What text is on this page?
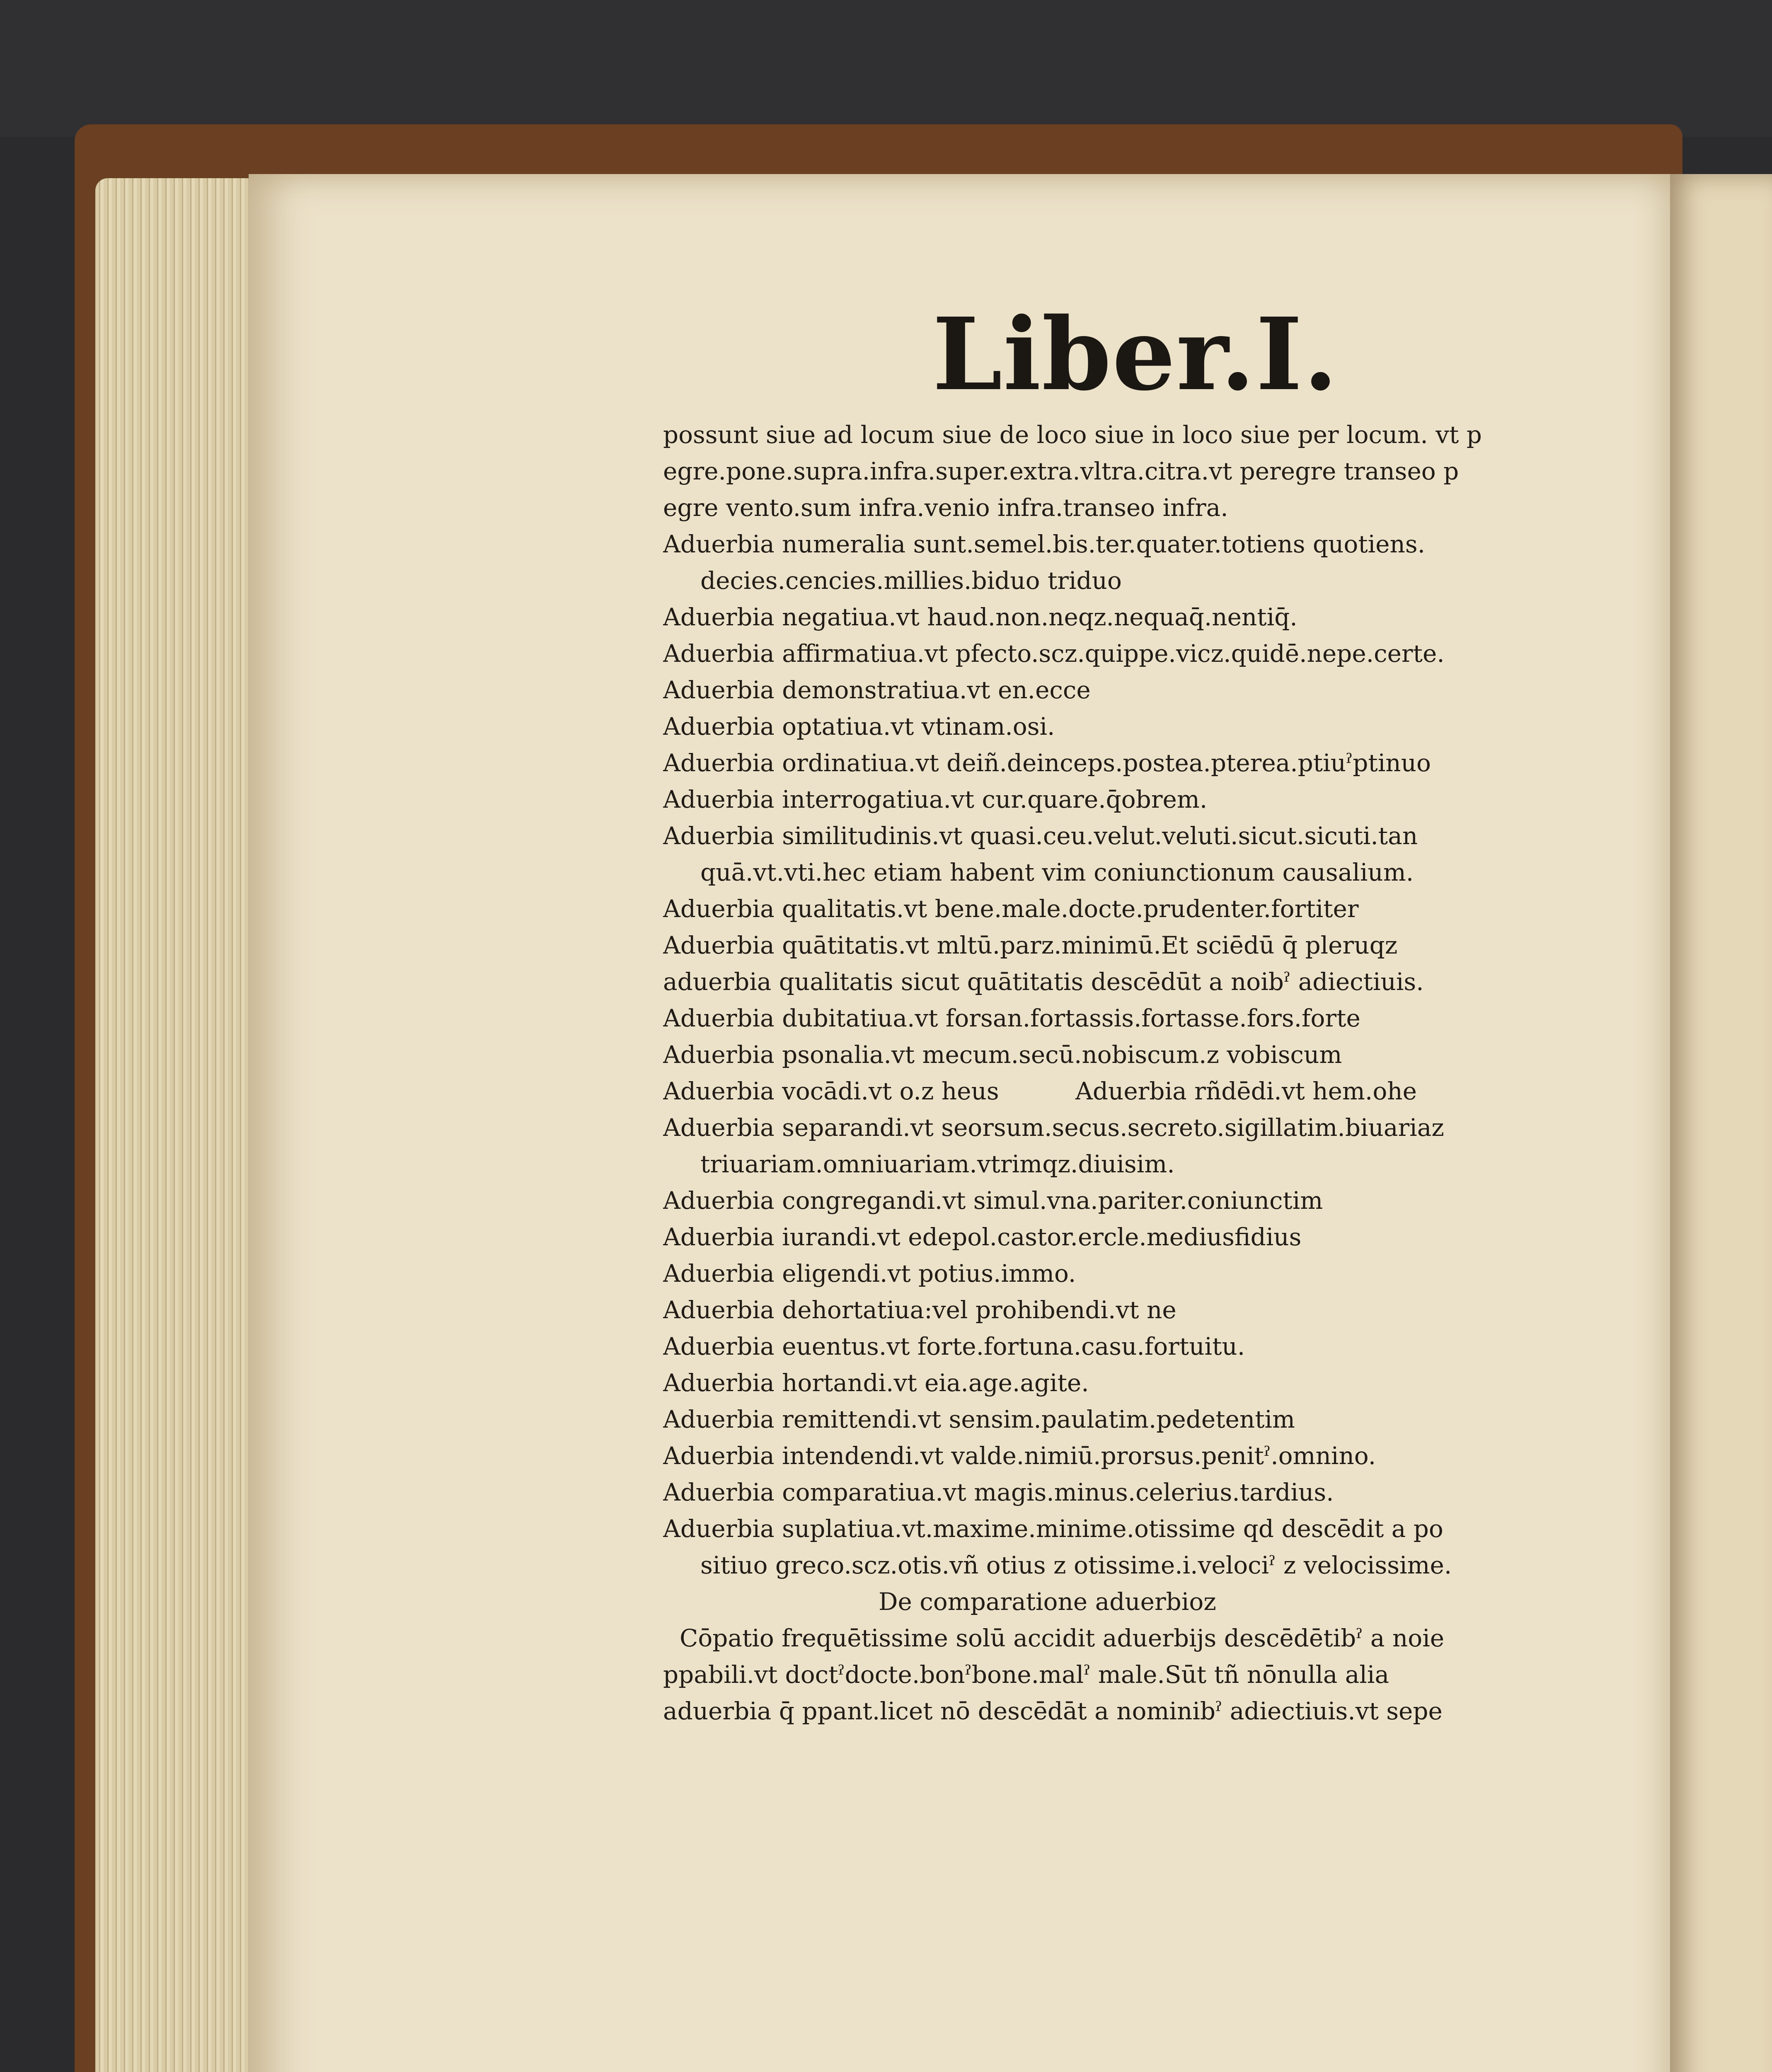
Liber.I.
possunt siue ad locum siue de loco siue in loco siue per locum. vt p
egre.pone.supra.infra.super.extra.vltra.citra.vt peregre transeo p
egre vento.sum infra.venio infra.transeo infra.
Aduerbia numeralia sunt.semel.bis.ter.quater.totiens quotiens.
decies.cencies.millies.biduo triduo
Aduerbia negatiua.vt haud.non.neqz.nequaq̄.nentiq̄.
Aduerbia affirmatiua.vt pfecto.scz.quippe.vicz.quidē.nepe.certe.
Aduerbia demonstratiua.vt en.ecce
Aduerbia optatiua.vt vtinam.osi.
Aduerbia ordinatiua.vt deiñ.deinceps.postea.pterea.ptiuˀptinuo
Aduerbia interrogatiua.vt cur.quare.q̄obrem.
Aduerbia similitudinis.vt quasi.ceu.velut.veluti.sicut.sicuti.tan
quā.vt.vti.hec etiam habent vim coniunctionum causalium.
Aduerbia qualitatis.vt bene.male.docte.prudenter.fortiter
Aduerbia quātitatis.vt mltū.parz.minimū.Et sciēdū q̄ pleruqz
aduerbia qualitatis sicut quātitatis descēdūt a noibˀ adiectiuis.
Aduerbia dubitatiua.vt forsan.fortassis.fortasse.fors.forte
Aduerbia psonalia.vt mecum.secū.nobiscum.z vobiscum
Aduerbia vocādi.vt o.z heus          Aduerbia rñdēdi.vt hem.ohe
Aduerbia separandi.vt seorsum.secus.secreto.sigillatim.biuariaz
triuariam.omniuariam.vtrimqz.diuisim.
Aduerbia congregandi.vt simul.vna.pariter.coniunctim
Aduerbia iurandi.vt edepol.castor.ercle.mediusfidius
Aduerbia eligendi.vt potius.immo.
Aduerbia dehortatiua:vel prohibendi.vt ne
Aduerbia euentus.vt forte.fortuna.casu.fortuitu.
Aduerbia hortandi.vt eia.age.agite.
Aduerbia remittendi.vt sensim.paulatim.pedetentim
Aduerbia intendendi.vt valde.nimiū.prorsus.penitˀ.omnino.
Aduerbia comparatiua.vt magis.minus.celerius.tardius.
Aduerbia suplatiua.vt.maxime.minime.otissime qd descēdit a po
sitiuo greco.scz.otis.vñ otius z otissime.i.velociˀ z velocissime.
De comparatione aduerbioz
Cōpatio frequētissime solū accidit aduerbijs descēdētibˀ a noie
ppabili.vt doctˀdocte.bonˀbone.malˀ male.Sūt tñ nōnulla alia
aduerbia q̄ ppant.licet nō descēdāt a nominibˀ adiectiuis.vt sepe
